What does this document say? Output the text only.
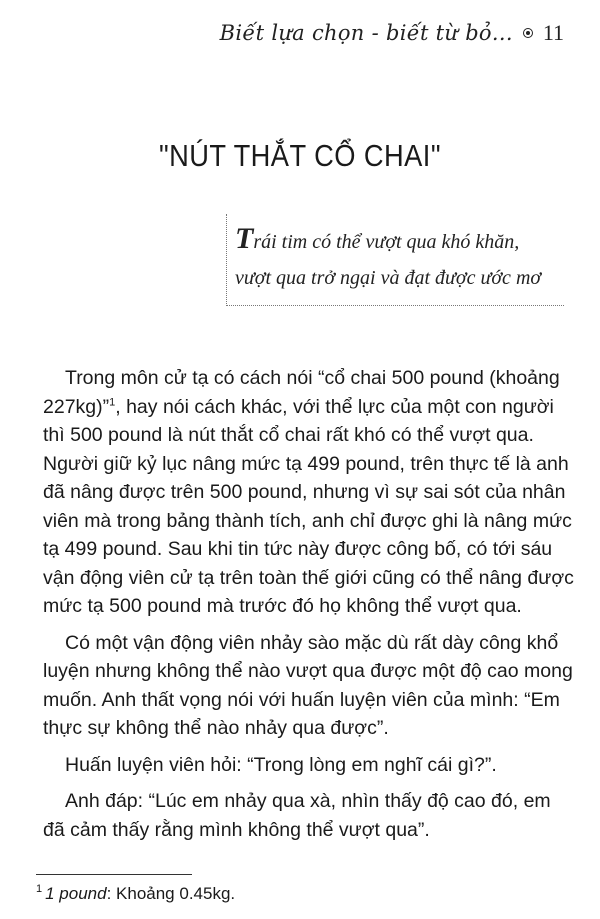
Biết lựa chọn - biết từ bỏ... 11
"NÚT THẮT CỔ CHAI"
Trái tim có thể vượt qua khó khăn,
vượt qua trở ngại và đạt được ước mơ
Trong môn cử tạ có cách nói “cổ chai 500 pound (khoảng
227kg)”$^1$, hay nói cách khác, với thể lực của một con người
thì 500 pound là nút thắt cổ chai rất khó có thể vượt qua.
Người giữ kỷ lục nâng mức tạ 499 pound, trên thực tế là anh
đã nâng được trên 500 pound, nhưng vì sự sai sót của nhân
viên mà trong bảng thành tích, anh chỉ được ghi là nâng mức
tạ 499 pound. Sau khi tin tức này được công bố, có tới sáu
vận động viên cử tạ trên toàn thế giới cũng có thể nâng được
mức tạ 500 pound mà trước đó họ không thể vượt qua.
Có một vận động viên nhảy sào mặc dù rất dày công khổ
luyện nhưng không thể nào vượt qua được một độ cao mong
muốn. Anh thất vọng nói với huấn luyện viên của mình: “Em
thực sự không thể nào nhảy qua được”.
Huấn luyện viên hỏi: “Trong lòng em nghĩ cái gì?”.
Anh đáp: “Lúc em nhảy qua xà, nhìn thấy độ cao đó, em
đã cảm thấy rằng mình không thể vượt qua”.
$^1$ 1 pound: Khoảng 0.45kg.
